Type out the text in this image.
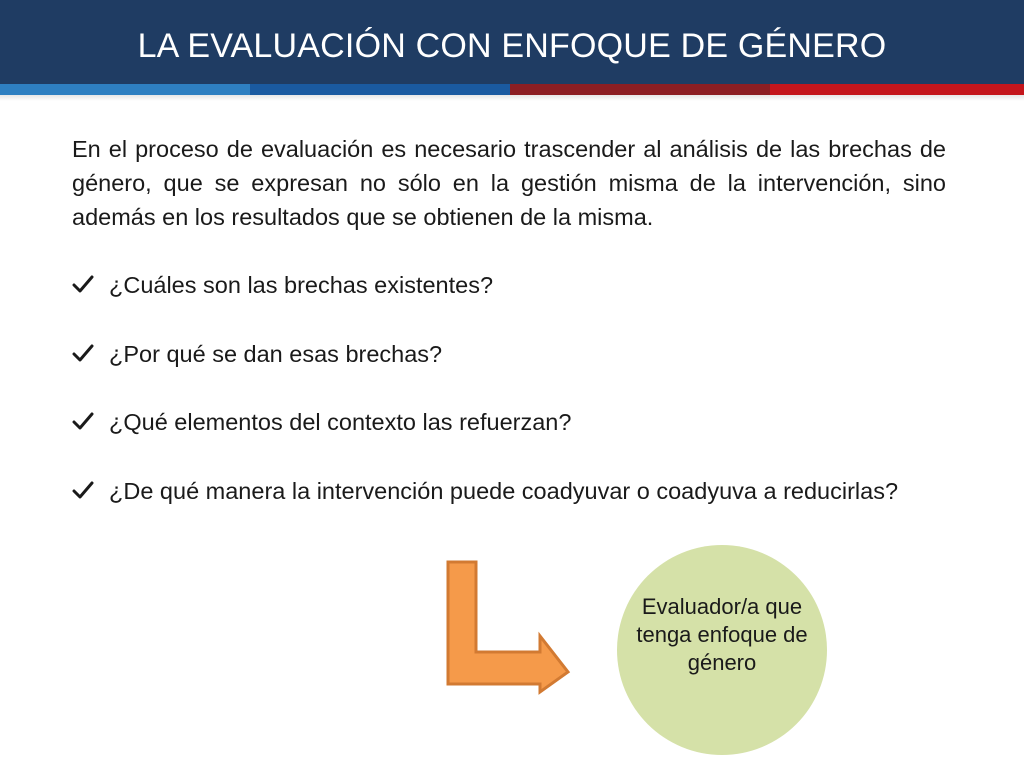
LA EVALUACIÓN CON ENFOQUE DE GÉNERO

En el proceso de evaluación es necesario trascender al análisis de las brechas de género, que se expresan no sólo en la gestión misma de la intervención, sino además en los resultados que se obtienen de la misma.

¿Cuáles son las brechas existentes?
¿Por qué se dan esas brechas?
¿Qué elementos del contexto las refuerzan?
¿De qué manera la intervención puede coadyuvar o coadyuva a reducirlas?
Evaluador/a que tenga enfoque de género
